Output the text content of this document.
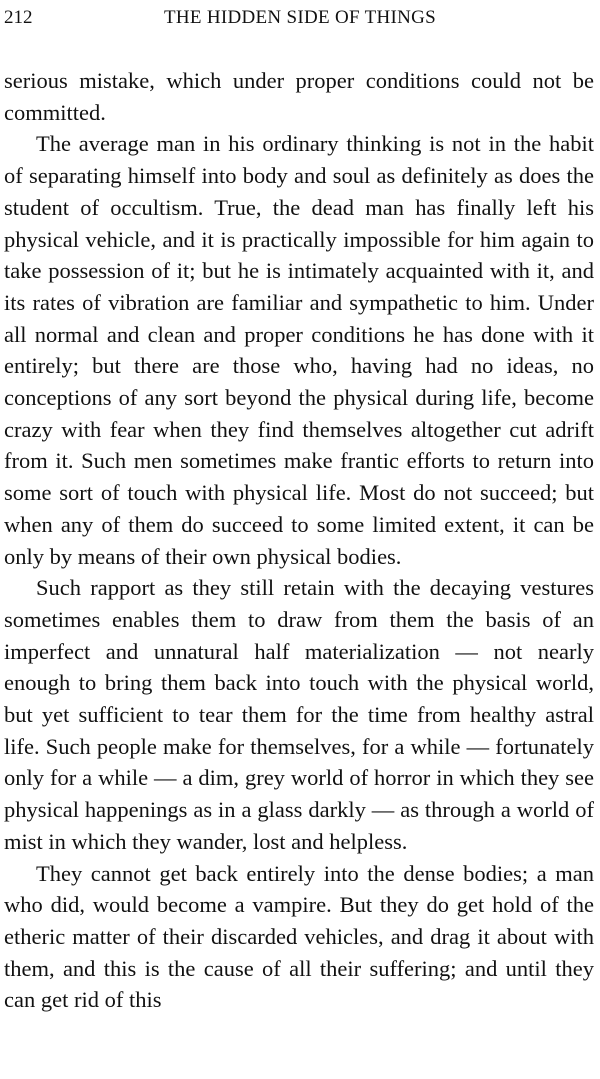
212	THE HIDDEN SIDE OF THINGS

serious mistake, which under proper conditions could not be committed.

The average man in his ordinary thinking is not in the habit of separating himself into body and soul as definitely as does the student of occultism. True, the dead man has finally left his physical vehicle, and it is practically impossible for him again to take possession of it; but he is intimately acquainted with it, and its rates of vibration are familiar and sympathetic to him. Under all normal and clean and proper conditions he has done with it entirely; but there are those who, having had no ideas, no conceptions of any sort beyond the physical during life, become crazy with fear when they find themselves altogether cut adrift from it. Such men sometimes make frantic efforts to return into some sort of touch with physical life. Most do not succeed; but when any of them do succeed to some limited extent, it can be only by means of their own physical bodies.

Such rapport as they still retain with the decaying vestures sometimes enables them to draw from them the basis of an imperfect and unnatural half materialization — not nearly enough to bring them back into touch with the physical world, but yet sufficient to tear them for the time from healthy astral life. Such people make for themselves, for a while — fortunately only for a while — a dim, grey world of horror in which they see physical happenings as in a glass darkly — as through a world of mist in which they wander, lost and helpless.

They cannot get back entirely into the dense bodies; a man who did, would become a vampire. But they do get hold of the etheric matter of their discarded vehicles, and drag it about with them, and this is the cause of all their suffering; and until they can get rid of this
